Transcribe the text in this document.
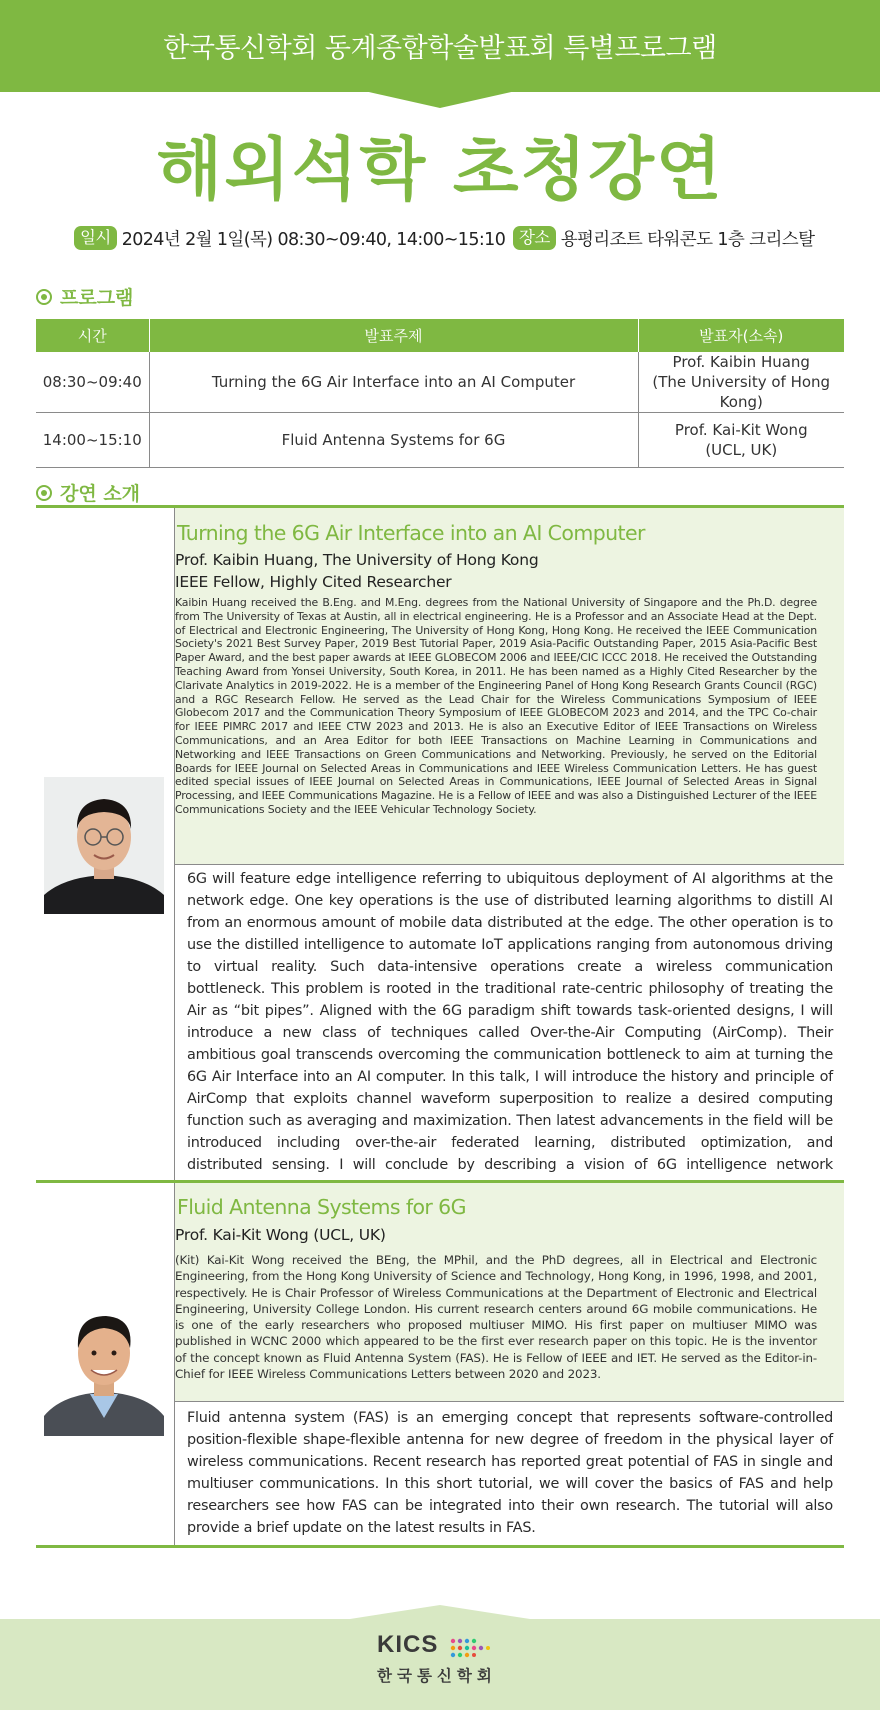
한국통신학회 동계종합학술발표회 특별프로그램
해외석학 초청강연
일시 2024년 2월 1일(목) 08:30~09:40, 14:00~15:10 장소 용평리조트 타워콘도 1층 크리스탈
프로그램
시간	발표주제	발표자(소속)
08:30~09:40	Turning the 6G Air Interface into an AI Computer	Prof. Kaibin Huang
(The University of Hong Kong)

14:00~15:10	Fluid Antenna Systems for 6G	Prof. Kai-Kit Wong
(UCL, UK)
강연 소개
Turning the 6G Air Interface into an AI Computer
Prof. Kaibin Huang, The University of Hong Kong
IEEE Fellow, Highly Cited Researcher
Kaibin Huang received the B.Eng. and M.Eng. degrees from the National University of Singapore and the Ph.D. degree from The University of Texas at Austin, all in electrical engineering. He is a Professor and an Associate Head at the Dept. of Electrical and Electronic Engineering, The University of Hong Kong, Hong Kong. He received the IEEE Communication Society's 2021 Best Survey Paper, 2019 Best Tutorial Paper, 2019 Asia-Pacific Outstanding Paper, 2015 Asia-Pacific Best Paper Award, and the best paper awards at IEEE GLOBECOM 2006 and IEEE/CIC ICCC 2018. He received the Outstanding Teaching Award from Yonsei University, South Korea, in 2011. He has been named as a Highly Cited Researcher by the Clarivate Analytics in 2019-2022. He is a member of the Engineering Panel of Hong Kong Research Grants Council (RGC) and a RGC Research Fellow. He served as the Lead Chair for the Wireless Communications Symposium of IEEE Globecom 2017 and the Communication Theory Symposium of IEEE GLOBECOM 2023 and 2014, and the TPC Co-chair for IEEE PIMRC 2017 and IEEE CTW 2023 and 2013. He is also an Executive Editor of IEEE Transactions on Wireless Communications, and an Area Editor for both IEEE Transactions on Machine Learning in Communications and Networking and IEEE Transactions on Green Communications and Networking. Previously, he served on the Editorial Boards for IEEE Journal on Selected Areas in Communications and IEEE Wireless Communication Letters. He has guest edited special issues of IEEE Journal on Selected Areas in Communications, IEEE Journal of Selected Areas in Signal Processing, and IEEE Communications Magazine. He is a Fellow of IEEE and was also a Distinguished Lecturer of the IEEE Communications Society and the IEEE Vehicular Technology Society.
6G will feature edge intelligence referring to ubiquitous deployment of AI algorithms at the network edge. One key operations is the use of distributed learning algorithms to distill AI from an enormous amount of mobile data distributed at the edge. The other operation is to use the distilled intelligence to automate IoT applications ranging from autonomous driving to virtual reality. Such data-intensive operations create a wireless communication bottleneck. This problem is rooted in the traditional rate-centric philosophy of treating the Air as “bit pipes”. Aligned with the 6G paradigm shift towards task-oriented designs, I will introduce a new class of techniques called Over-the-Air Computing (AirComp). Their ambitious goal transcends overcoming the communication bottleneck to aim at turning the 6G Air Interface into an AI computer. In this talk, I will introduce the history and principle of AirComp that exploits channel waveform superposition to realize a desired computing function such as averaging and maximization. Then latest advancements in the field will be introduced including over-the-air federated learning, distributed optimization, and distributed sensing. I will conclude by describing a vision of 6G intelligence network
Fluid Antenna Systems for 6G
Prof. Kai-Kit Wong (UCL, UK)
(Kit) Kai-Kit Wong received the BEng, the MPhil, and the PhD degrees, all in Electrical and Electronic Engineering, from the Hong Kong University of Science and Technology, Hong Kong, in 1996, 1998, and 2001, respectively. He is Chair Professor of Wireless Communications at the Department of Electronic and Electrical Engineering, University College London. His current research centers around 6G mobile communications. He is one of the early researchers who proposed multiuser MIMO. His first paper on multiuser MIMO was published in WCNC 2000 which appeared to be the first ever research paper on this topic. He is the inventor of the concept known as Fluid Antenna System (FAS). He is Fellow of IEEE and IET. He served as the Editor-in-Chief for IEEE Wireless Communications Letters between 2020 and 2023.
Fluid antenna system (FAS) is an emerging concept that represents software-controlled position-flexible shape-flexible antenna for new degree of freedom in the physical layer of wireless communications. Recent research has reported great potential of FAS in single and multiuser communications. In this short tutorial, we will cover the basics of FAS and help researchers see how FAS can be integrated into their own research. The tutorial will also provide a brief update on the latest results in FAS.
KICS
한국통신학회
